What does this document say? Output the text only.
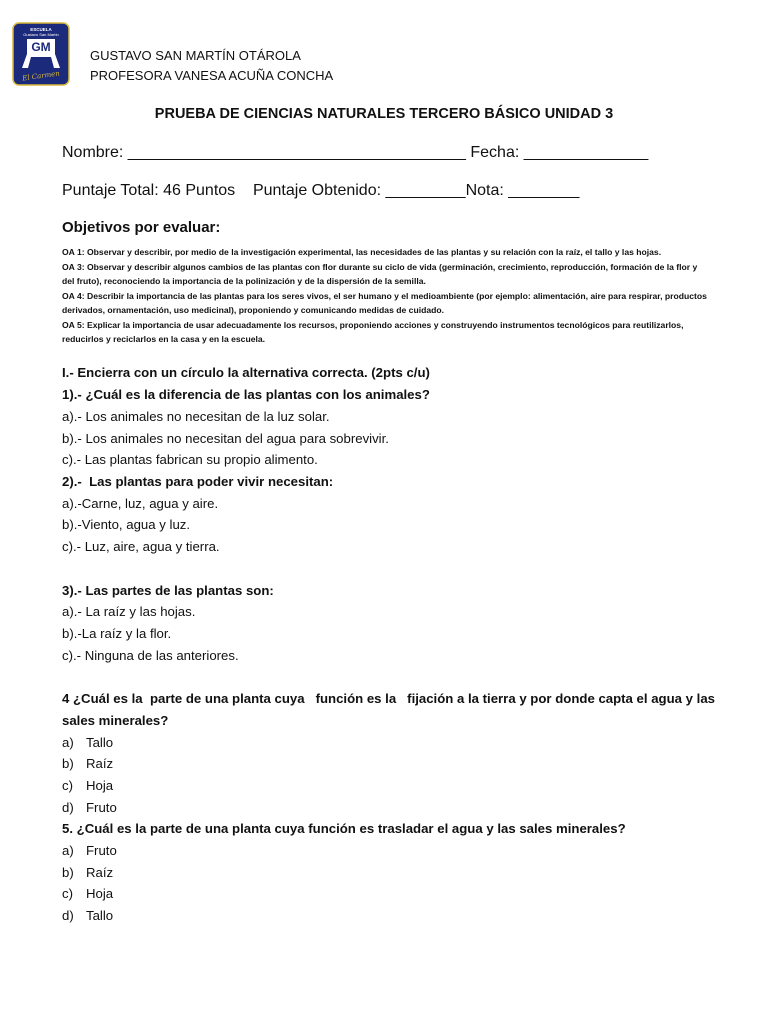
ESCUELA
Gustavo San Martín
GM
El Carmen
GUSTAVO SAN MARTÍN OTÁROLA
PROFESORA VANESA ACUÑA CONCHA
PRUEBA DE CIENCIAS NATURALES TERCERO BÁSICO UNIDAD 3
Nombre: ______________________________________ Fecha: ______________
Puntaje Total: 46 Puntos    Puntaje Obtenido: _________Nota: ________
Objetivos por evaluar:

OA 1: Observar y describir, por medio de la investigación experimental, las necesidades de las plantas y su relación con la raíz, el tallo y las hojas.

OA 3: Observar y describir algunos cambios de las plantas con flor durante su ciclo de vida (germinación, crecimiento, reproducción, formación de la flor y del fruto), reconociendo la importancia de la polinización y de la dispersión de la semilla.

OA 4: Describir la importancia de las plantas para los seres vivos, el ser humano y el medioambiente (por ejemplo: alimentación, aire para respirar, productos derivados, ornamentación, uso medicinal), proponiendo y comunicando medidas de cuidado.

OA 5: Explicar la importancia de usar adecuadamente los recursos, proponiendo acciones y construyendo instrumentos tecnológicos para reutilizarlos, reducirlos y reciclarlos en la casa y en la escuela.

I.- Encierra con un círculo la alternativa correcta. (2pts c/u)
1).- ¿Cuál es la diferencia de las plantas con los animales?
a).- Los animales no necesitan de la luz solar.
b).- Los animales no necesitan del agua para sobrevivir.
c).- Las plantas fabrican su propio alimento.
2).-  Las plantas para poder vivir necesitan:
a).-Carne, luz, agua y aire.
b).-Viento, agua y luz.
c).- Luz, aire, agua y tierra.
3).- Las partes de las plantas son:
a).- La raíz y las hojas.
b).-La raíz y la flor.
c).- Ninguna de las anteriores.
4 ¿Cuál es la  parte de una planta cuya   función es la   fijación a la tierra y por donde capta el agua y las
sales minerales?
a) Tallo
b) Raíz
c) Hoja
d) Fruto
5. ¿Cuál es la parte de una planta cuya función es trasladar el agua y las sales minerales?
a) Fruto
b) Raíz
c) Hoja
d) Tallo
